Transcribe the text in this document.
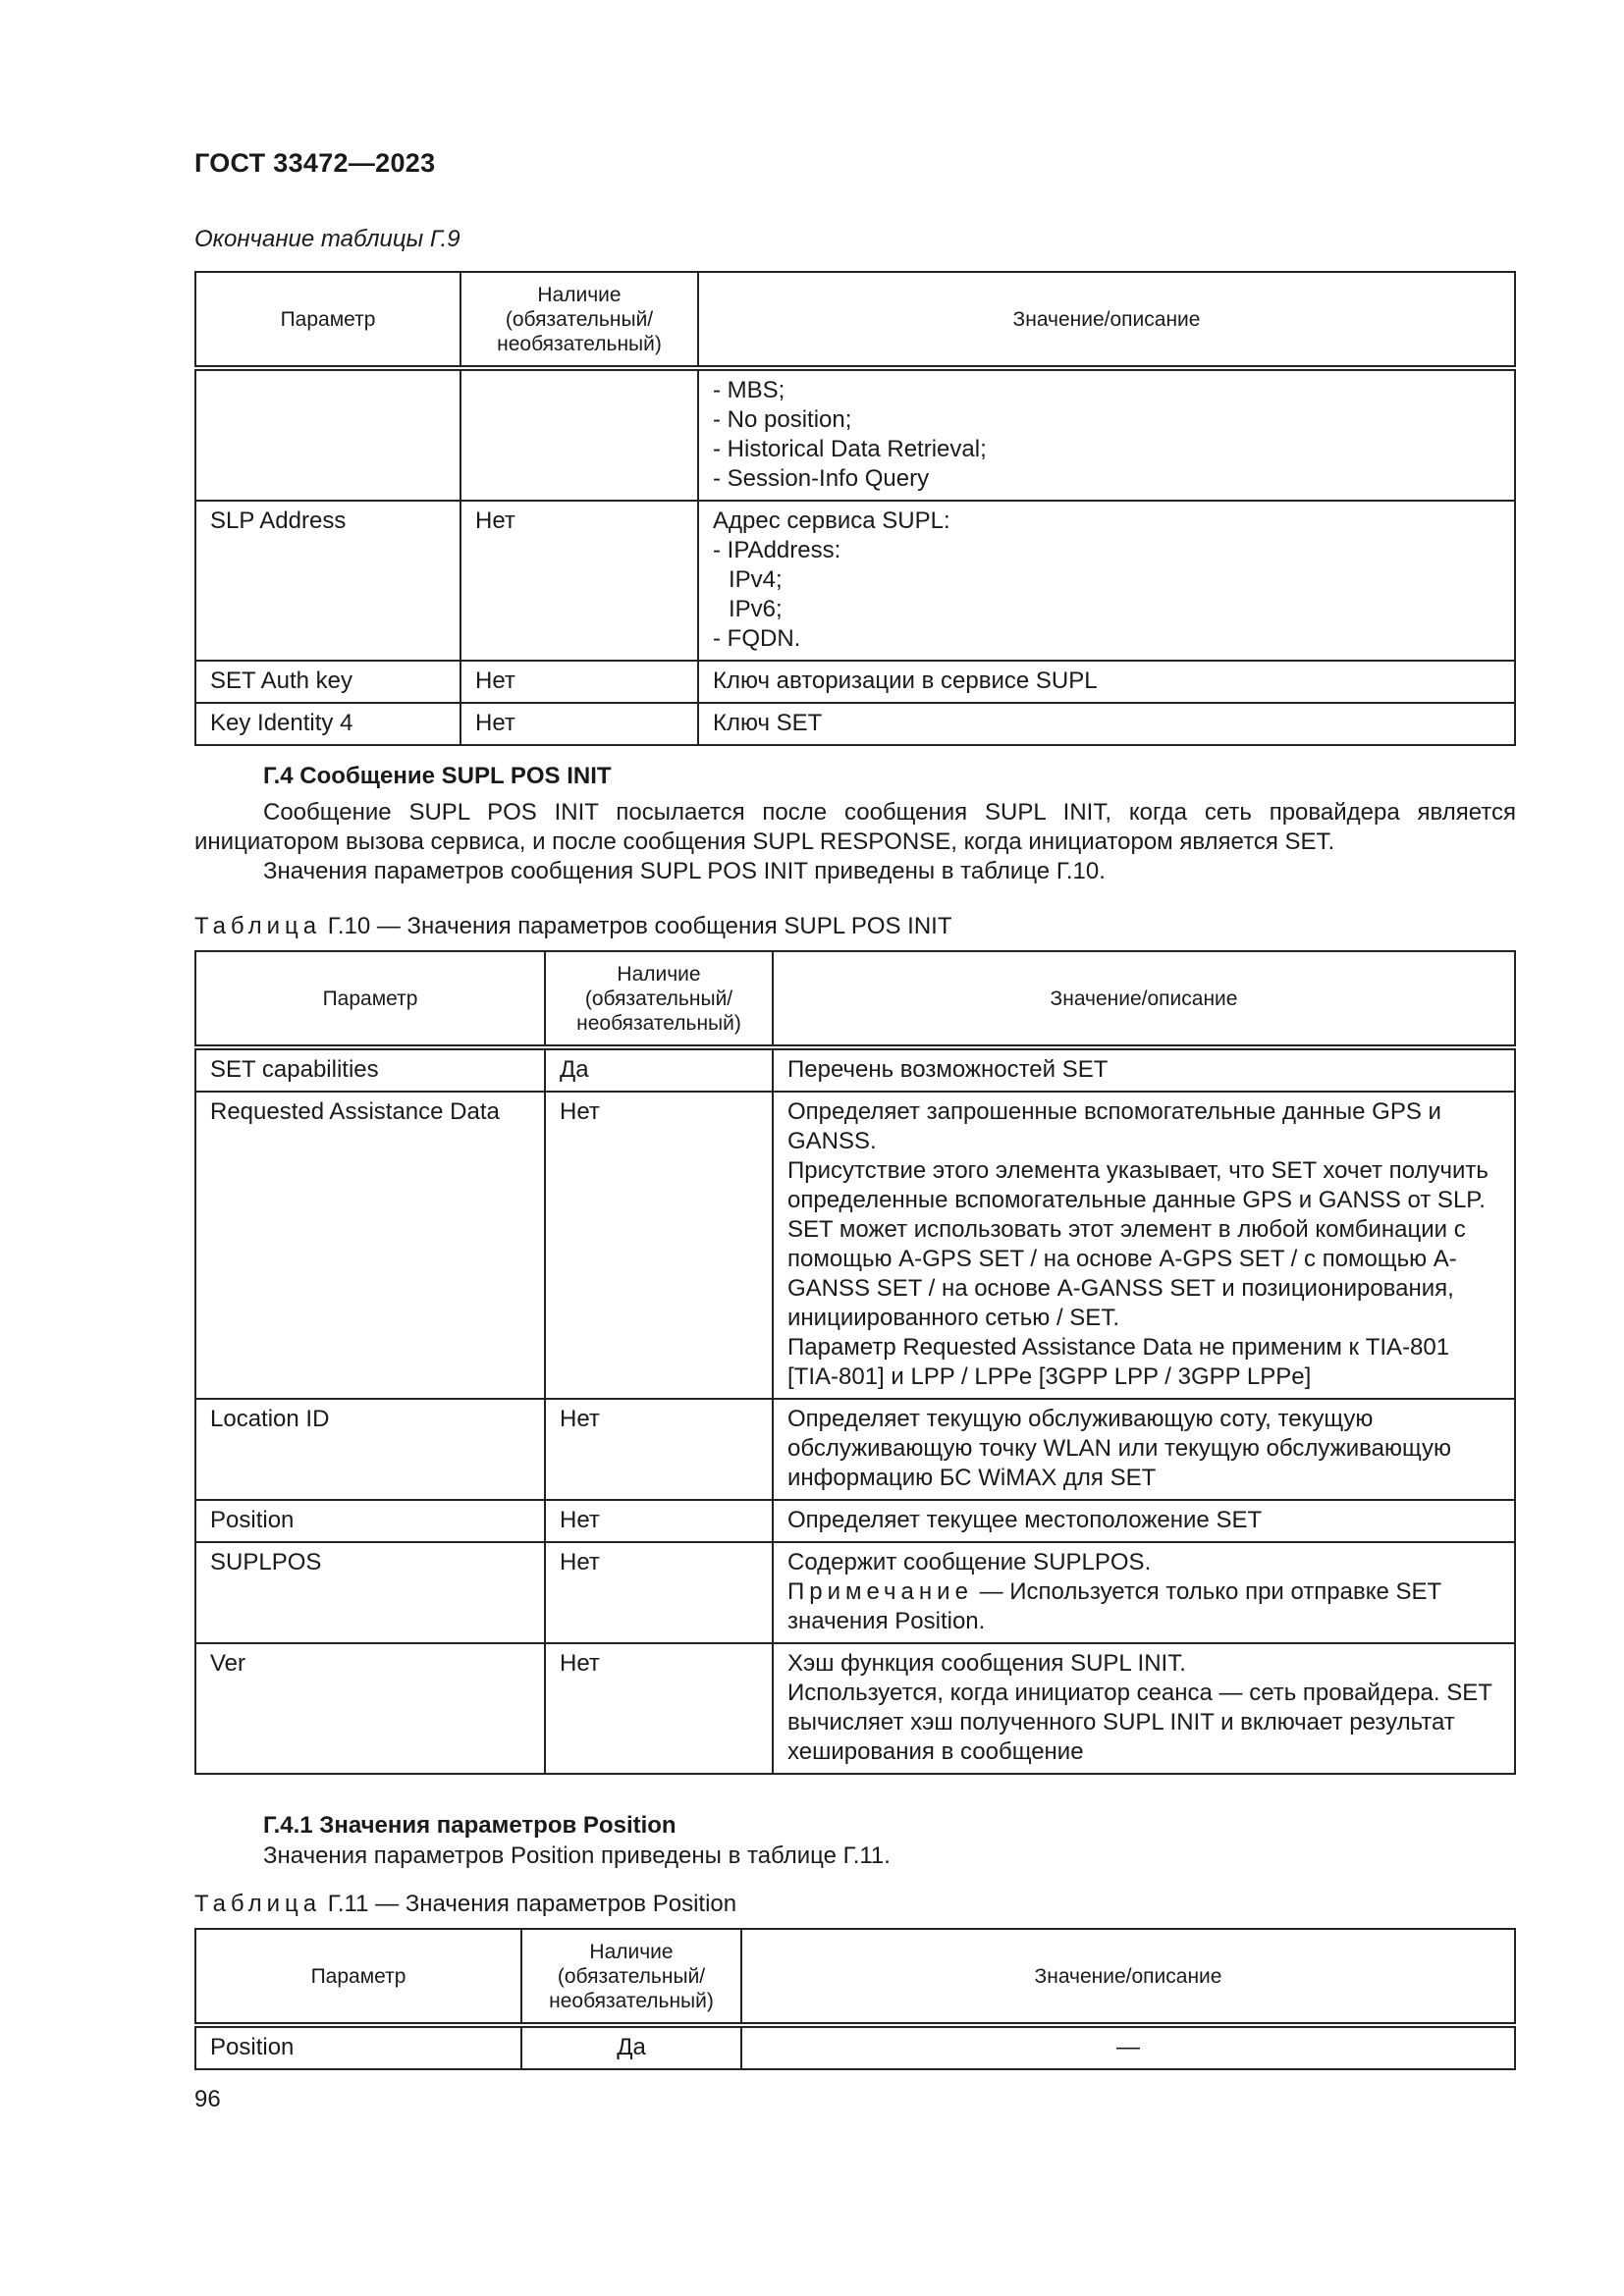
ГОСТ 33472—2023
Окончание таблицы Г.9
Параметр	Наличие
(обязательный/
необязательный)	Значение/описание

		- MBS;
- No position;
- Historical Data Retrieval;
- Session-Info Query

SLP Address	Нет	Адрес сервиса SUPL:
- IPAddress:
IPv4;
IPv6;
- FQDN.

SET Auth key	Нет	Ключ авторизации в сервисе SUPL
Key Identity 4	Нет	Ключ SET
Г.4 Сообщение SUPL POS INIT
Сообщение SUPL POS INIT посылается после сообщения SUPL INIT, когда сеть провайдера является инициатором вызова сервиса, и после сообщения SUPL RESPONSE, когда инициатором является SET.
Значения параметров сообщения SUPL POS INIT приведены в таблице Г.10.
Таблица Г.10 — Значения параметров сообщения SUPL POS INIT
Параметр	Наличие
(обязательный/
необязательный)	Значение/описание
SET capabilities	Да	Перечень возможностей SET
Requested Assistance Data	Нет	Определяет запрошенные вспомогательные данные GPS и GANSS.
Присутствие этого элемента указывает, что SET хочет получить определенные вспомогательные данные GPS и GANSS от SLP. SET может использовать этот элемент в любой комбинации с помощью A-GPS SET / на основе A-GPS SET / с помощью A-GANSS SET / на основе A-GANSS SET и позиционирования, инициированного сетью / SET.
Параметр Requested Assistance Data не применим к TIA-801 [TIA-801] и LPP / LPPe [3GPP LPP / 3GPP LPPe]

Location ID	Нет	Определяет текущую обслуживающую соту, текущую обслуживающую точку WLAN или текущую обслуживающую информацию БС WiMAX для SET
Position	Нет	Определяет текущее местоположение SET
SUPLPOS	Нет	Содержит сообщение SUPLPOS.
Примечание — Используется только при отправке SET значения Position.

Ver	Нет	Хэш функция сообщения SUPL INIT.
Используется, когда инициатор сеанса — сеть провайдера. SET вычисляет хэш полученного SUPL INIT и включает результат хеширования в сообщение
Г.4.1 Значения параметров Position
Значения параметров Position приведены в таблице Г.11.
Таблица Г.11 — Значения параметров Position
Параметр	Наличие
(обязательный/
необязательный)	Значение/описание
Position	Да	—
96
